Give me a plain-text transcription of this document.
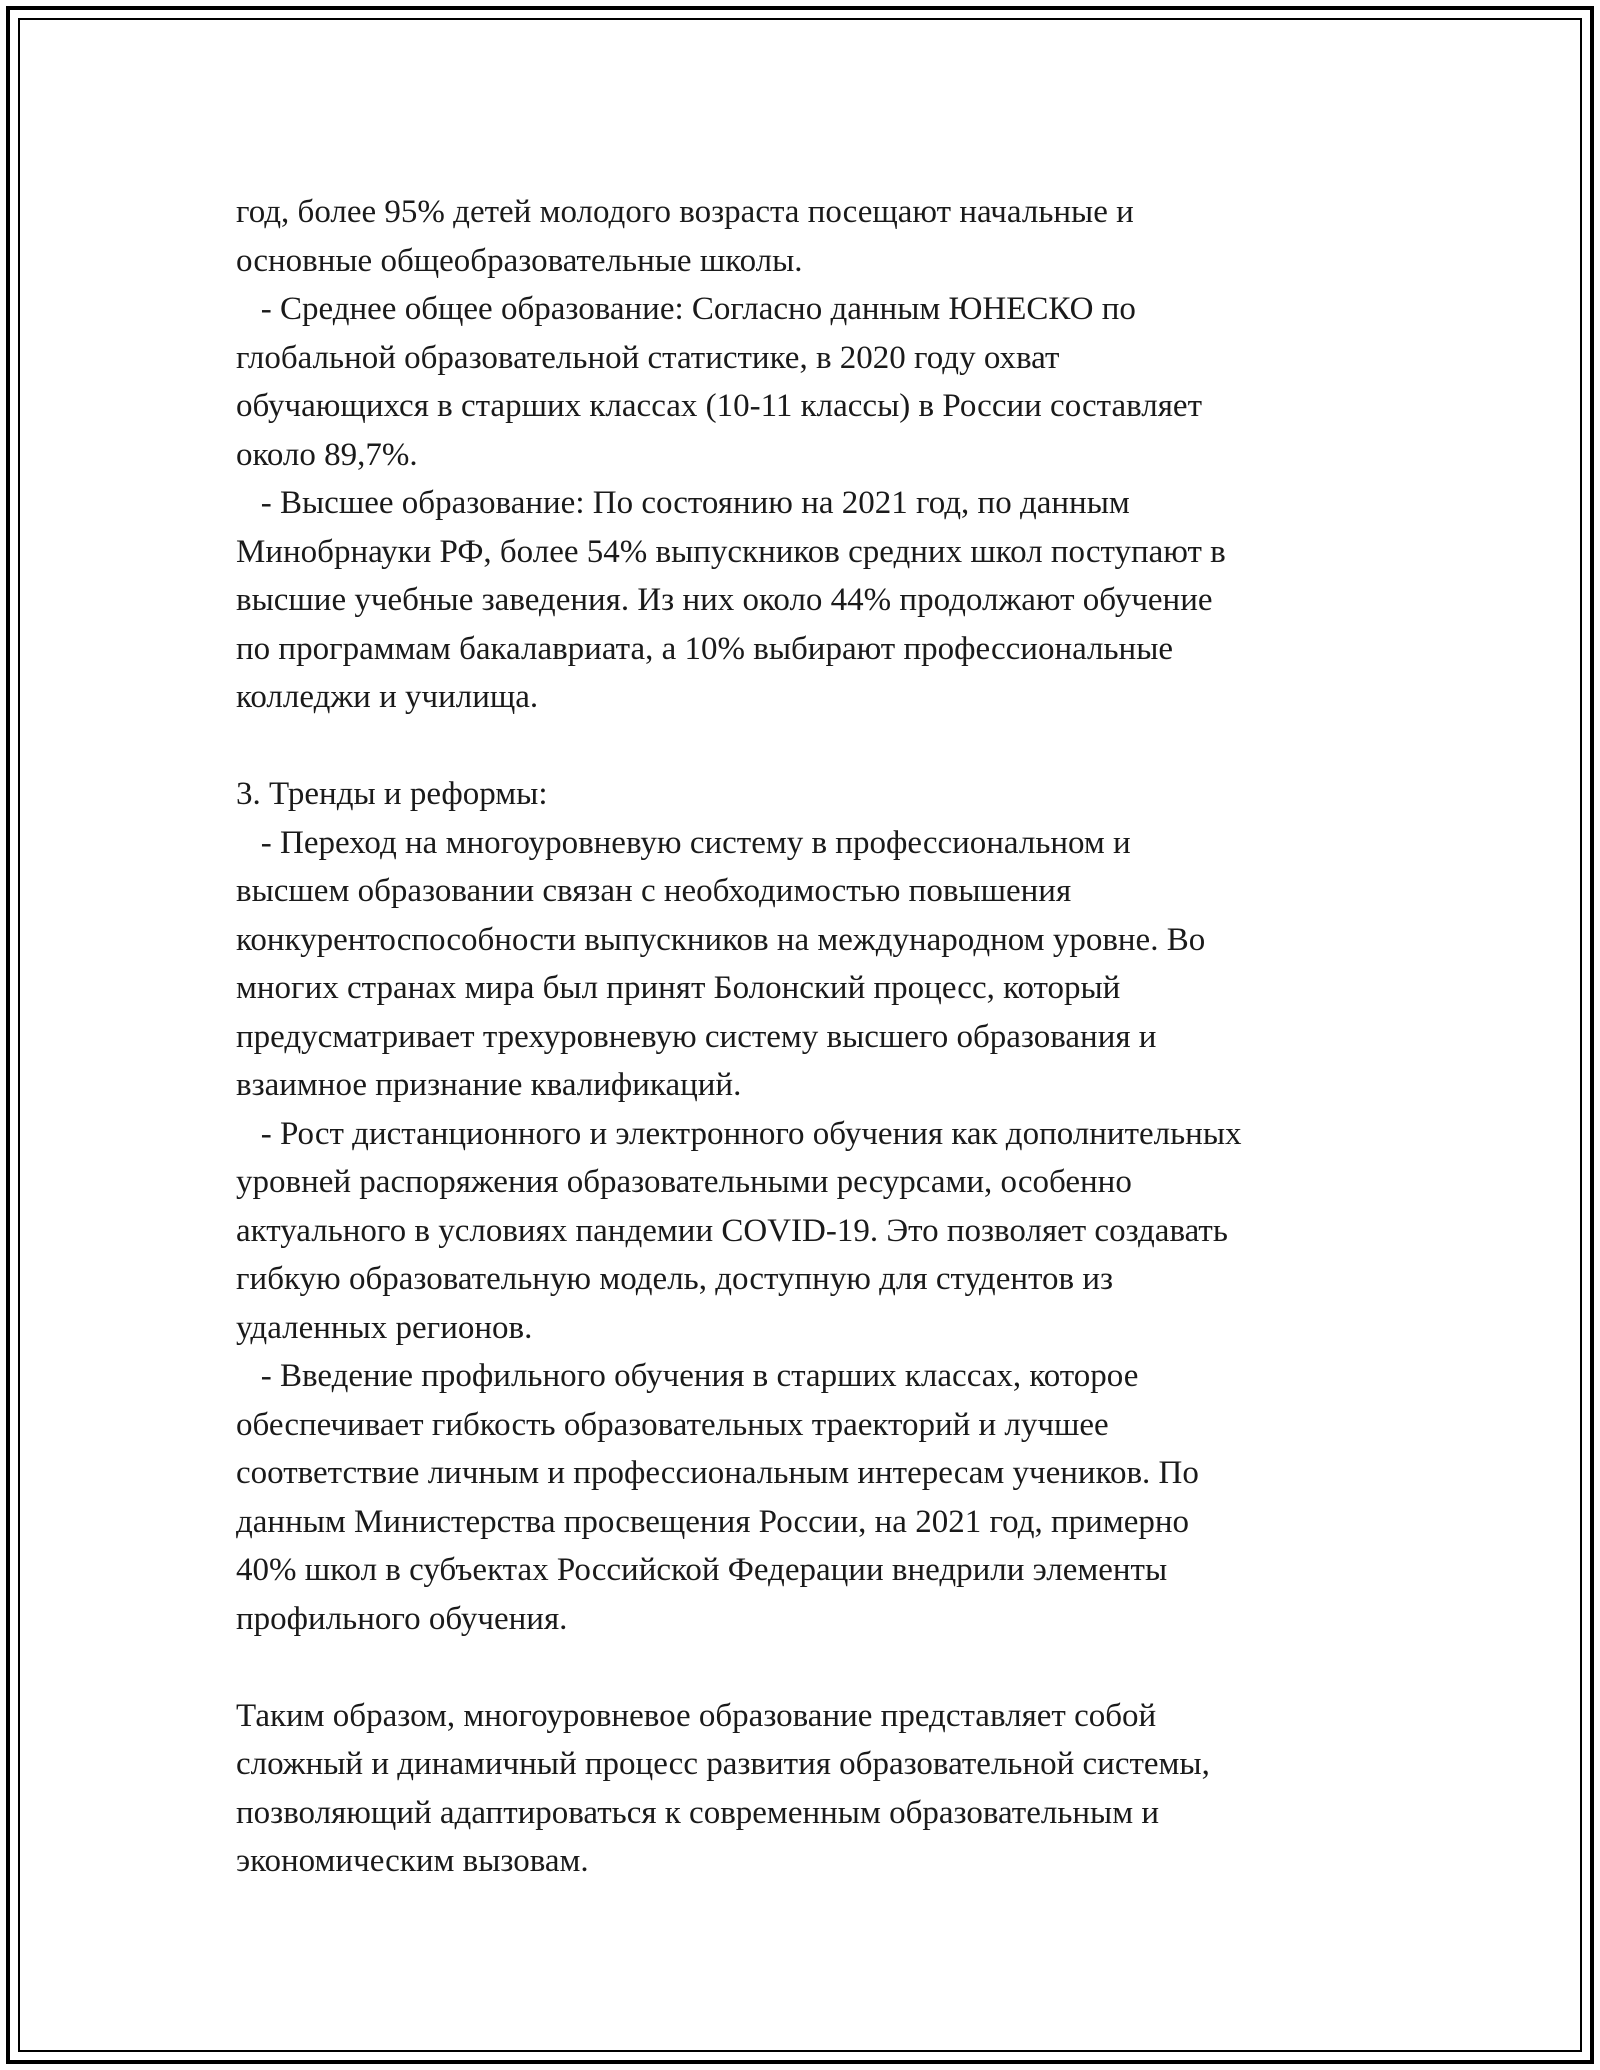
год, более 95% детей молодого возраста посещают начальные и
основные общеобразовательные школы.
- Среднее общее образование: Согласно данным ЮНЕСКО по
глобальной образовательной статистике, в 2020 году охват
обучающихся в старших классах (10-11 классы) в России составляет
около 89,7%.
- Высшее образование: По состоянию на 2021 год, по данным
Минобрнауки РФ, более 54% выпускников средних школ поступают в
высшие учебные заведения. Из них около 44% продолжают обучение
по программам бакалавриата, а 10% выбирают профессиональные
колледжи и училища.
3. Тренды и реформы:
- Переход на многоуровневую систему в профессиональном и
высшем образовании связан с необходимостью повышения
конкурентоспособности выпускников на международном уровне. Во
многих странах мира был принят Болонский процесс, который
предусматривает трехуровневую систему высшего образования и
взаимное признание квалификаций.
- Рост дистанционного и электронного обучения как дополнительных
уровней распоряжения образовательными ресурсами, особенно
актуального в условиях пандемии COVID-19. Это позволяет создавать
гибкую образовательную модель, доступную для студентов из
удаленных регионов.
- Введение профильного обучения в старших классах, которое
обеспечивает гибкость образовательных траекторий и лучшее
соответствие личным и профессиональным интересам учеников. По
данным Министерства просвещения России, на 2021 год, примерно
40% школ в субъектах Российской Федерации внедрили элементы
профильного обучения.
Таким образом, многоуровневое образование представляет собой
сложный и динамичный процесс развития образовательной системы,
позволяющий адаптироваться к современным образовательным и
экономическим вызовам.
